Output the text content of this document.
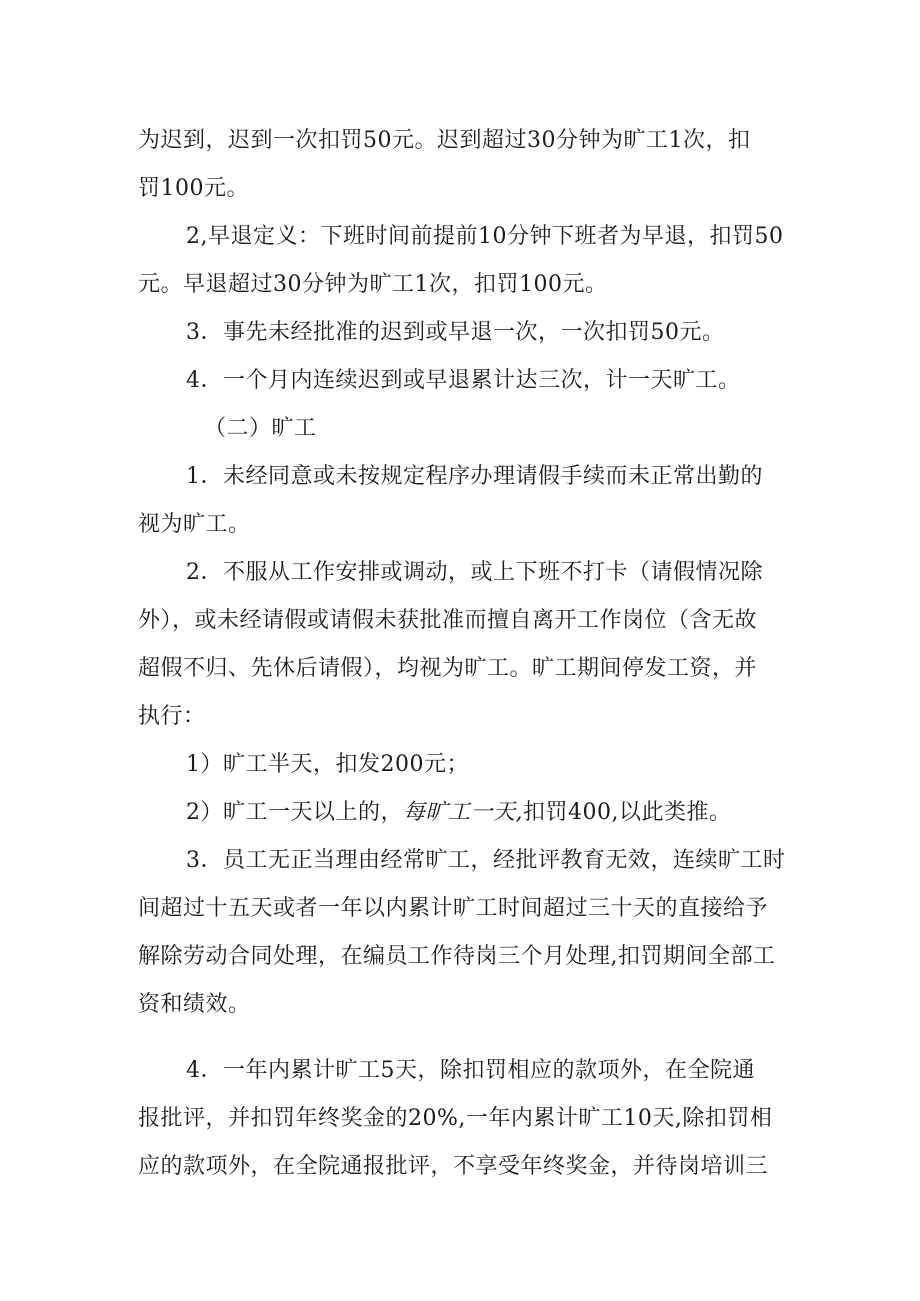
为迟到，迟到一次扣罚50元。迟到超过30分钟为旷工1次，扣
罚100元。
2,早退定义：下班时间前提前10分钟下班者为早退，扣罚50
元。早退超过30分钟为旷工1次，扣罚100元。
3．事先未经批准的迟到或早退一次，一次扣罚50元。
4．一个月内连续迟到或早退累计达三次，计一天旷工。
（二）旷工
1．未经同意或未按规定程序办理请假手续而未正常出勤的
视为旷工。
2．不服从工作安排或调动，或上下班不打卡（请假情况除
外），或未经请假或请假未获批准而擅自离开工作岗位（含无故
超假不归、先休后请假），均视为旷工。旷工期间停发工资，并
执行：
1）旷工半天，扣发200元；
2）旷工一天以上的，每旷工一天,扣罚400,以此类推。
3．员工无正当理由经常旷工，经批评教育无效，连续旷工时
间超过十五天或者一年以内累计旷工时间超过三十天的直接给予
解除劳动合同处理，在编员工作待岗三个月处理,扣罚期间全部工
资和绩效。
4．一年内累计旷工5天，除扣罚相应的款项外，在全院通
报批评，并扣罚年终奖金的20%,一年内累计旷工10天,除扣罚相
应的款项外，在全院通报批评，不享受年终奖金，并待岗培训三
